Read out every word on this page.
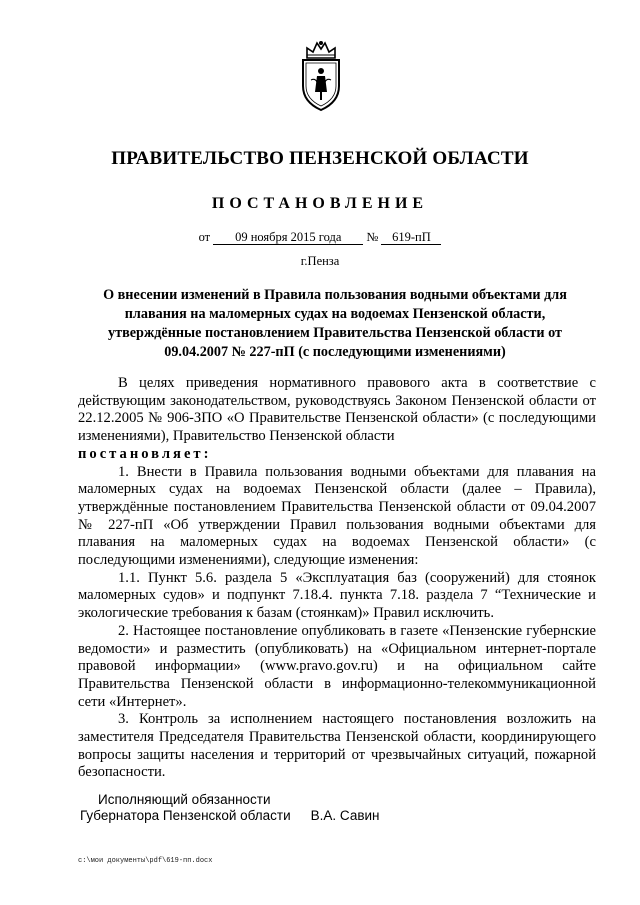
ПРАВИТЕЛЬСТВО ПЕНЗЕНСКОЙ ОБЛАСТИ
ПОСТАНОВЛЕНИЕ
от 09 ноября 2015 года № 619-пП
г.Пенза
О внесении изменений в Правила пользования водными объектами для плавания на маломерных судах на водоемах Пензенской области, утверждённые постановлением Правительства Пензенской области от 09.04.2007 № 227-пП (с последующими изменениями)

В целях приведения нормативного правового акта в соответствие с действующим законодательством, руководствуясь Законом Пензенской области от 22.12.2005 № 906-ЗПО «О Правительстве Пензенской области» (с последующими изменениями), Правительство Пензенской области

постановляет:

1. Внести в Правила пользования водными объектами для плавания на маломерных судах на водоемах Пензенской области (далее – Правила), утверждённые постановлением Правительства Пензенской области от 09.04.2007 № 227-пП «Об утверждении Правил пользования водными объектами для плавания на маломерных судах на водоемах Пензенской области» (с последующими изменениями), следующие изменения:

1.1. Пункт 5.6. раздела 5 «Эксплуатация баз (сооружений) для стоянок маломерных судов» и подпункт 7.18.4. пункта 7.18. раздела 7 “Технические и экологические требования к базам (стоянкам)» Правил исключить.

2. Настоящее постановление опубликовать в газете «Пензенские губернские ведомости» и разместить (опубликовать) на «Официальном интернет-портале правовой информации» (www.pravo.gov.ru) и на официальном сайте Правительства Пензенской области в информационно-телекоммуникационной сети «Интернет».

3. Контроль за исполнением настоящего постановления возложить на заместителя Председателя Правительства Пензенской области, координирующего вопросы защиты населения и территорий от чрезвычайных ситуаций, пожарной безопасности.

Исполняющий обязанности
Губернатора Пензенской области В.А. Савин
c:\мои документы\pdf\619-пп.docx
